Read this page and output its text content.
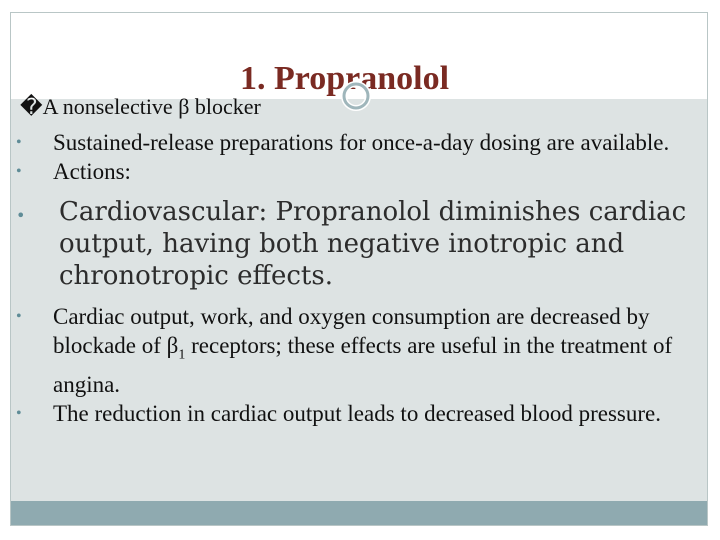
1. Propranolol
�A nonselective β blocker
• Sustained-release preparations for once-a-day dosing are available.
• Actions:
• Cardiovascular: Propranolol diminishes cardiac output, having both negative inotropic and chronotropic effects.
• Cardiac output, work, and oxygen consumption are decreased by blockade of $\beta_1$ receptors; these effects are useful in the treatment of angina.
• The reduction in cardiac output leads to decreased blood pressure.
